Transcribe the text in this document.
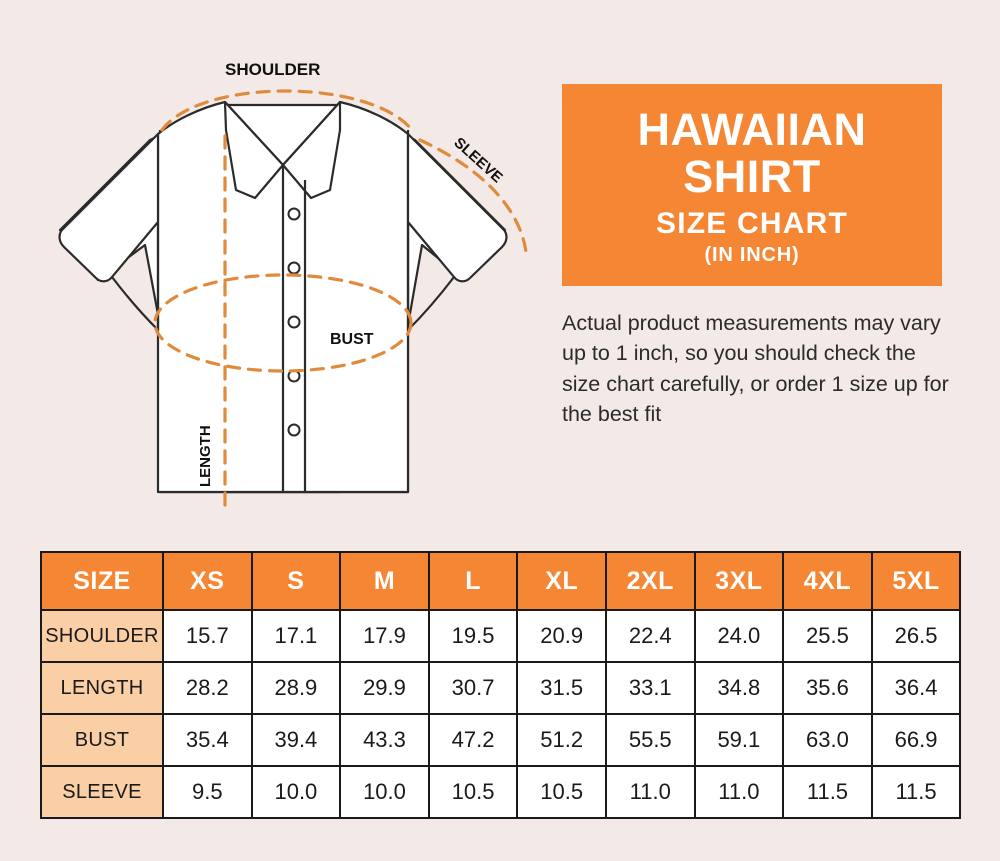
SHOULDER
SLEEVE
BUST
LENGTH
HAWAIIAN
SHIRT
SIZE CHART
(IN INCH)
Actual product measurements may vary up to 1 inch, so you should check the size chart carefully, or order 1 size up for the best fit
SIZE	XS	S	M	L	XL	2XL	3XL	4XL	5XL
SHOULDER	15.7	17.1	17.9	19.5	20.9	22.4	24.0	25.5	26.5
LENGTH	28.2	28.9	29.9	30.7	31.5	33.1	34.8	35.6	36.4
BUST	35.4	39.4	43.3	47.2	51.2	55.5	59.1	63.0	66.9
SLEEVE	9.5	10.0	10.0	10.5	10.5	11.0	11.0	11.5	11.5
